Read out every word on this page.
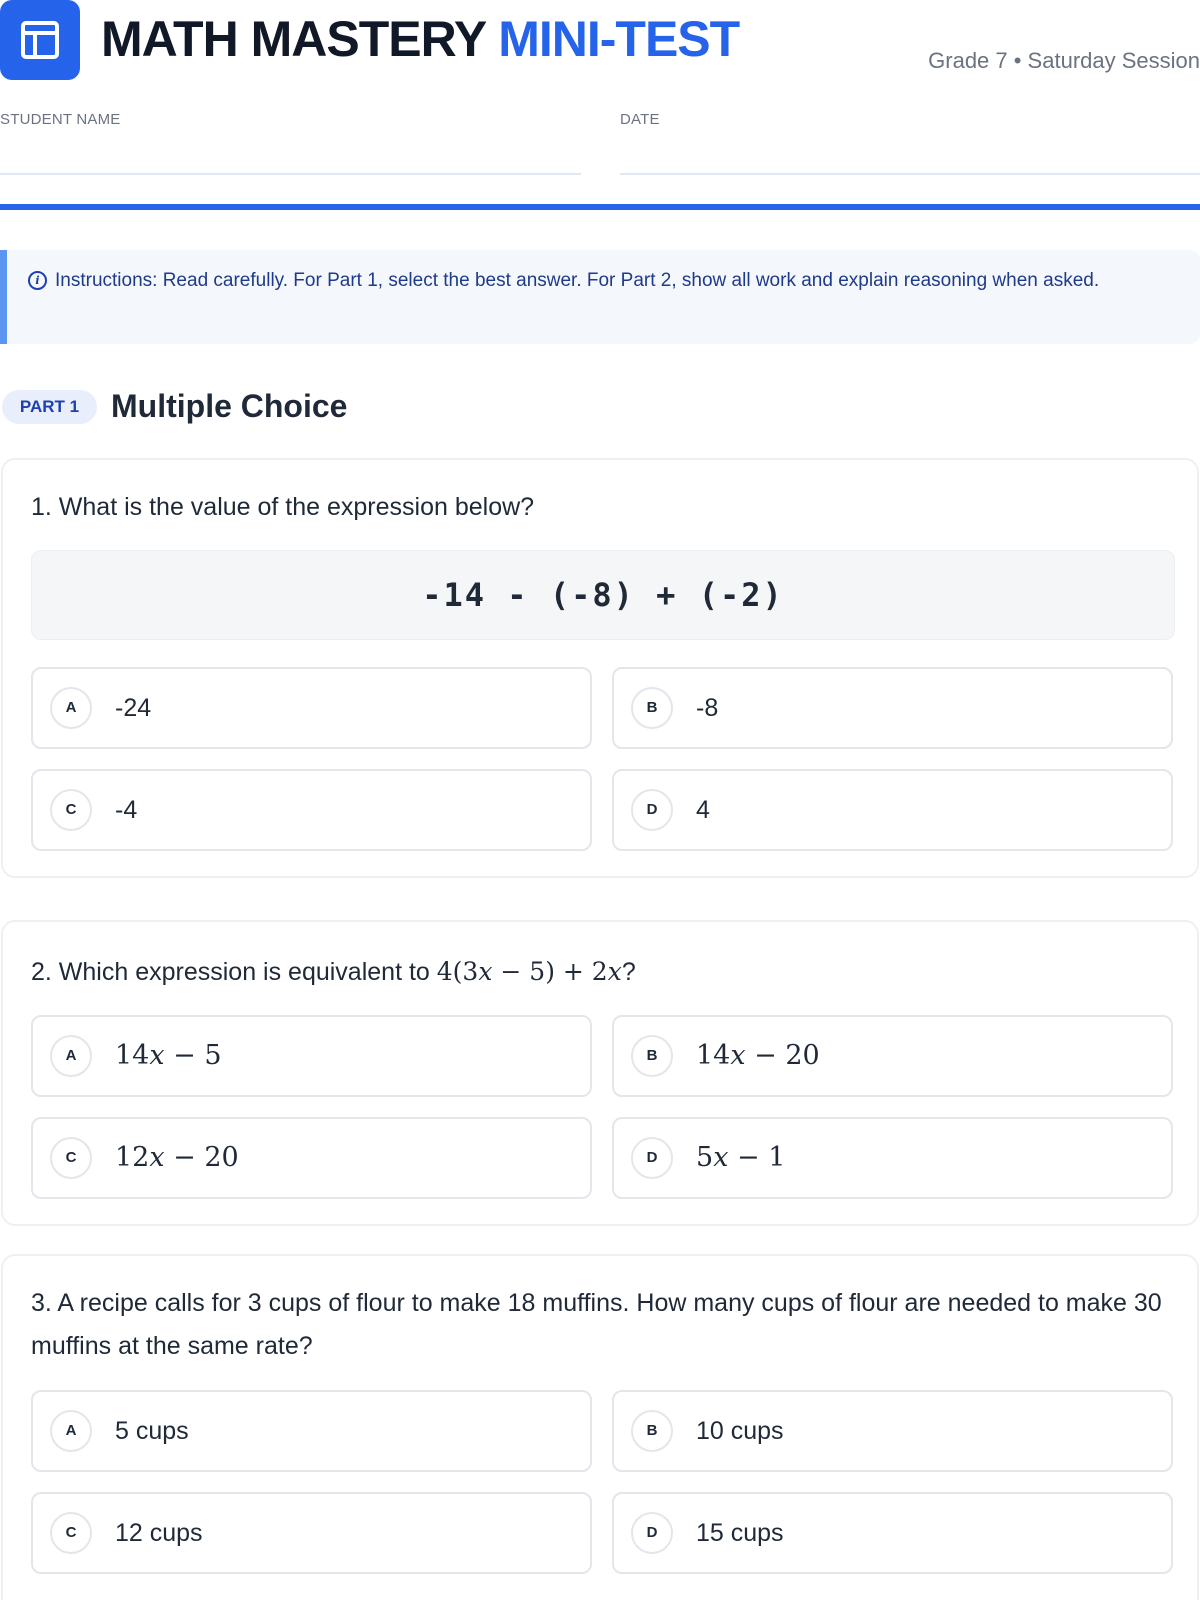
MATH MASTERY MINI-TEST	Grade 7 • Saturday Session
STUDENT NAME	DATE
i Instructions: Read carefully. For Part 1, select the best answer. For Part 2, show all work and explain reasoning when asked.
PART 1 Multiple Choice

1. What is the value of the expression below?

-14 - (-8) + (-2)
A	-24	B	-8
C	-4	D	4

2. Which expression is equivalent to 4(3x − 5) + 2x?

A	14x − 5	B	14x − 20
C	12x − 20	D	5x − 1

3. A recipe calls for 3 cups of flour to make 18 muffins. How many cups of flour are needed to make 30 muffins at the same rate?

A	5 cups	B	10 cups
C	12 cups	D	15 cups
